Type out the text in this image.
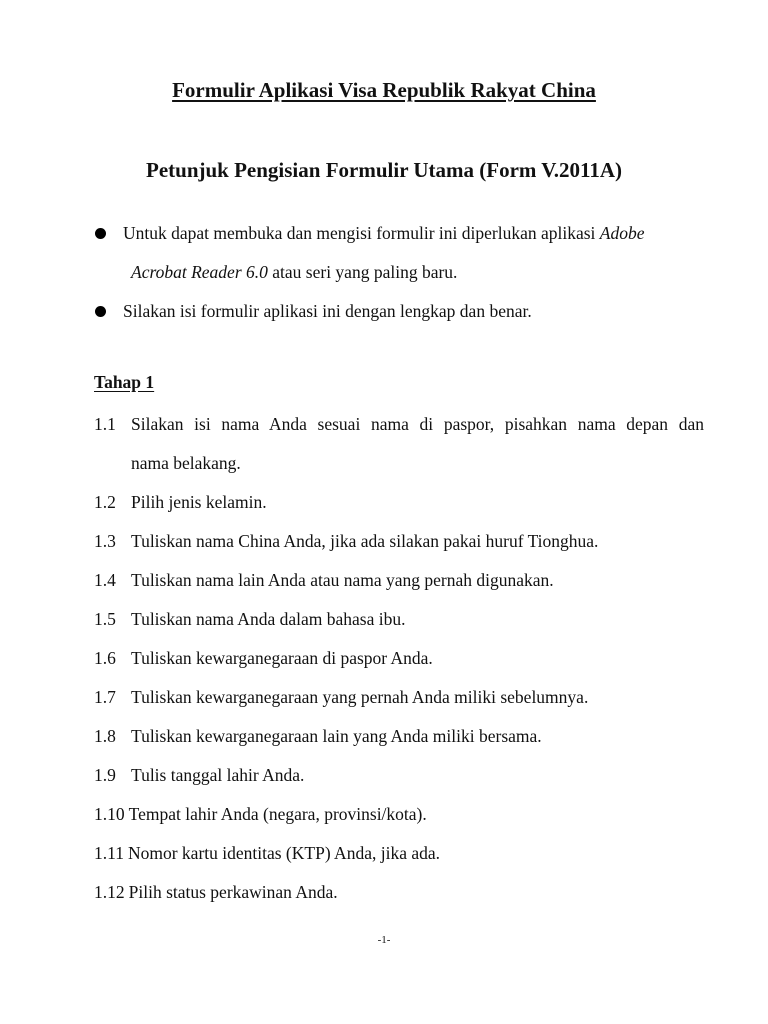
Formulir Aplikasi Visa Republik Rakyat China
Petunjuk Pengisian Formulir Utama (Form V.2011A)
Untuk dapat membuka dan mengisi formulir ini diperlukan aplikasi Adobe
Acrobat Reader 6.0 atau seri yang paling baru.
Silakan isi formulir aplikasi ini dengan lengkap dan benar.
Tahap 1
1.1 Silakan isi nama Anda sesuai nama di paspor, pisahkan nama depan dan
nama belakang.
1.2 Pilih jenis kelamin.
1.3 Tuliskan nama China Anda, jika ada silakan pakai huruf Tionghua.
1.4 Tuliskan nama lain Anda atau nama yang pernah digunakan.
1.5 Tuliskan nama Anda dalam bahasa ibu.
1.6 Tuliskan kewarganegaraan di paspor Anda.
1.7 Tuliskan kewarganegaraan yang pernah Anda miliki sebelumnya.
1.8 Tuliskan kewarganegaraan lain yang Anda miliki bersama.
1.9 Tulis tanggal lahir Anda.
1.10 Tempat lahir Anda (negara, provinsi/kota).
1.11 Nomor kartu identitas (KTP) Anda, jika ada.
1.12 Pilih status perkawinan Anda.
-1-
